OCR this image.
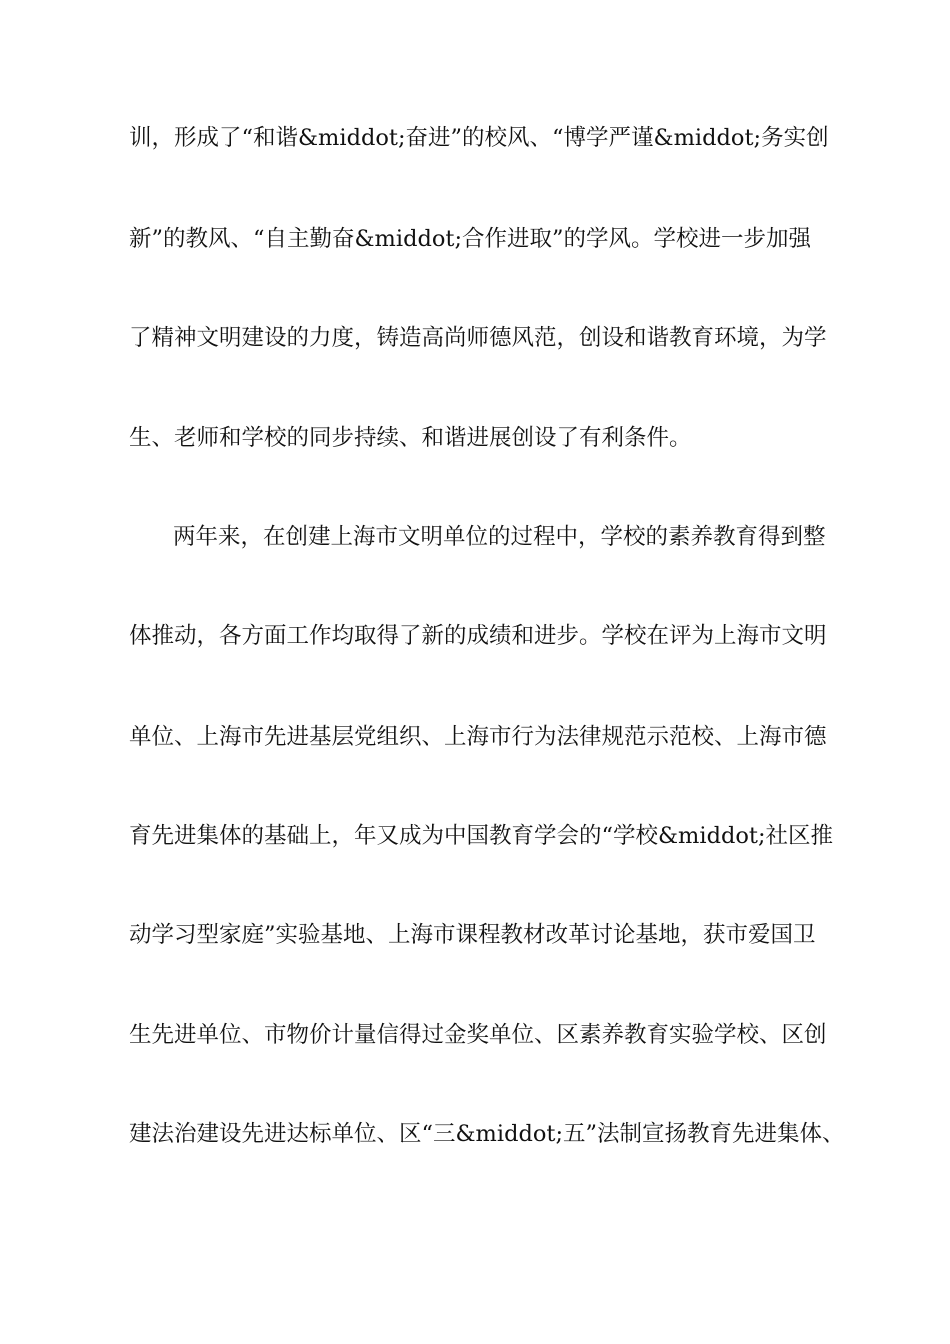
训，形成了“和谐&middot;奋进”的校风、“博学严谨&middot;务实创
新”的教风、“自主勤奋&middot;合作进取”的学风。学校进一步加强
了精神文明建设的力度，铸造高尚师德风范，创设和谐教育环境，为学
生、老师和学校的同步持续、和谐进展创设了有利条件。
两年来，在创建上海市文明单位的过程中，学校的素养教育得到整
体推动，各方面工作均取得了新的成绩和进步。学校在评为上海市文明
单位、上海市先进基层党组织、上海市行为法律规范示范校、上海市德
育先进集体的基础上，年又成为中国教育学会的“学校&middot;社区推
动学习型家庭”实验基地、上海市课程教材改革讨论基地，获市爱国卫
生先进单位、市物价计量信得过金奖单位、区素养教育实验学校、区创
建法治建设先进达标单位、区“三&middot;五”法制宣扬教育先进集体、
